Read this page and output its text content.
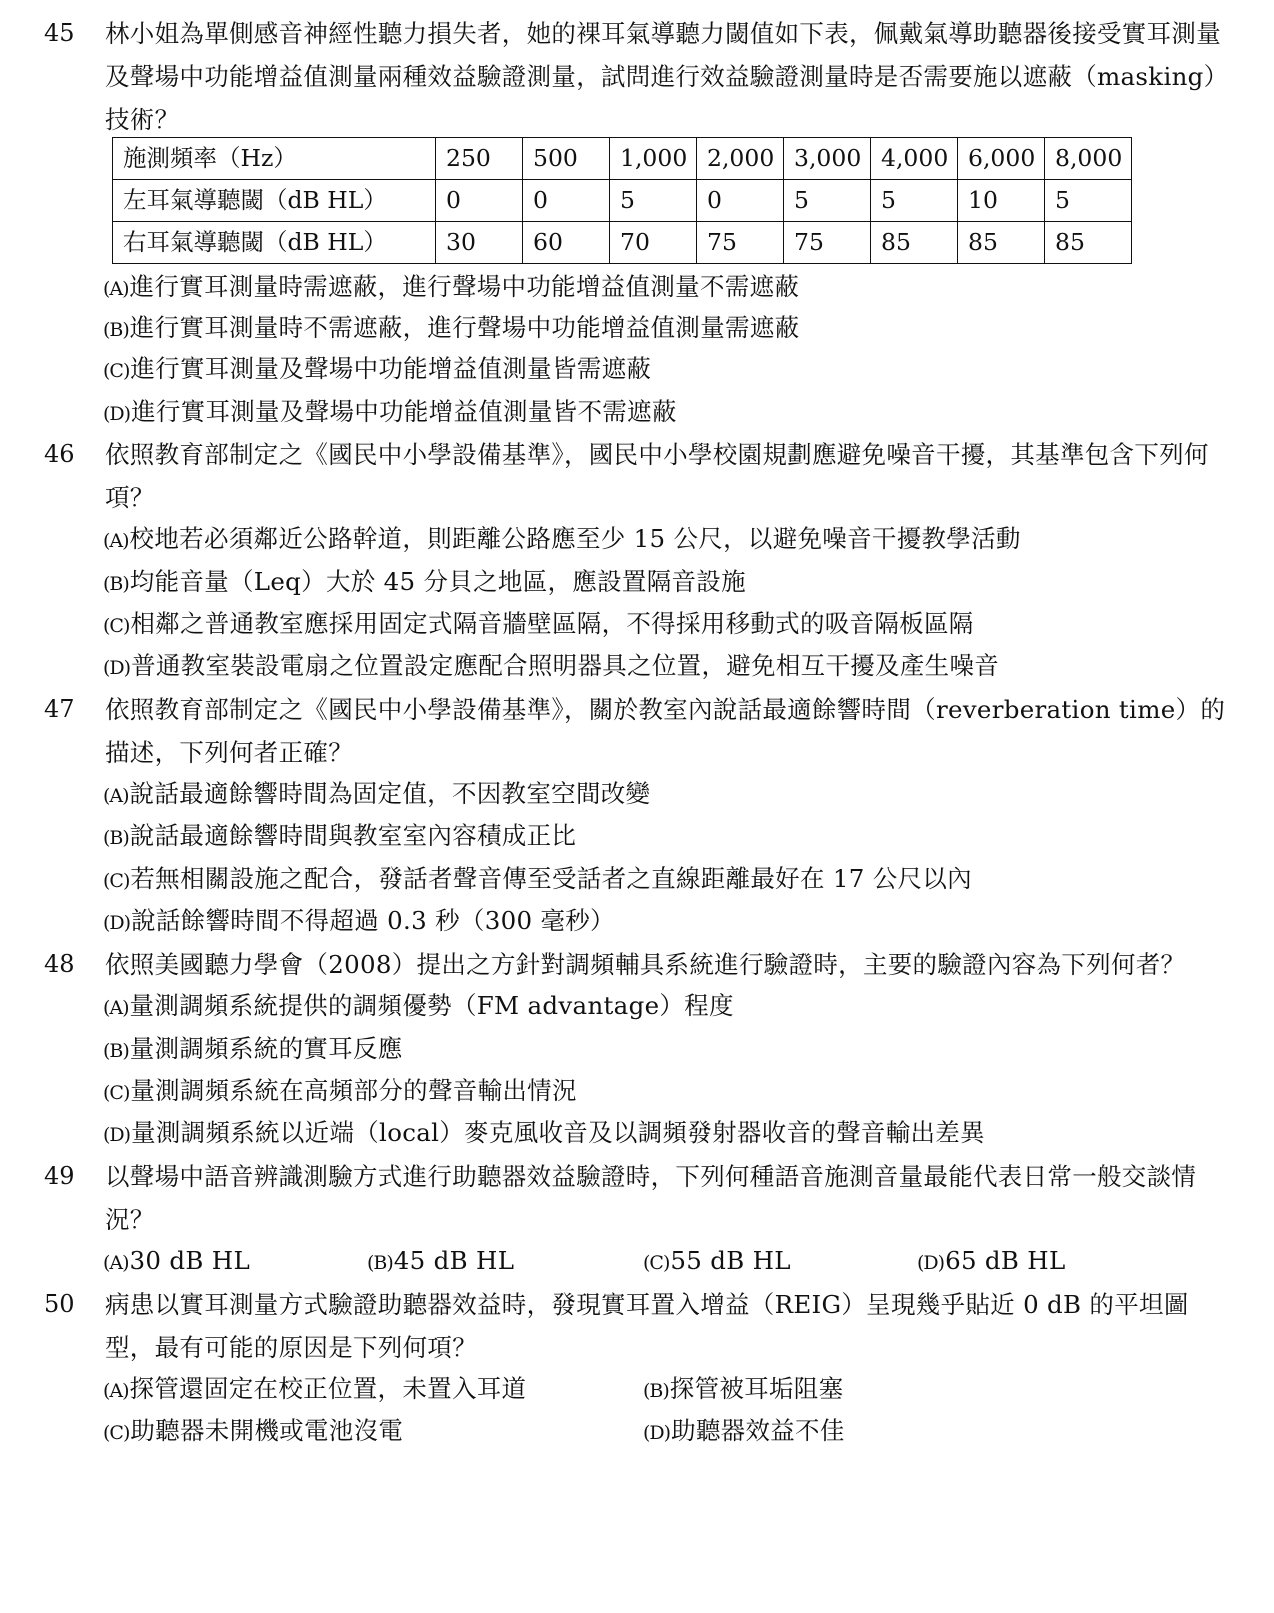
45 林小姐為單側感音神經性聽力損失者，她的裸耳氣導聽力閾值如下表，佩戴氣導助聽器後接受實耳測量及聲場中功能增益值測量兩種效益驗證測量，試問進行效益驗證測量時是否需要施以遮蔽（masking）技術？
施測頻率（Hz）	250	500	1,000	2,000	3,000	4,000	6,000	8,000
左耳氣導聽閾（dB HL）	0	0	5	0	5	5	10	5
右耳氣導聽閾（dB HL）	30	60	70	75	75	85	85	85
(A)進行實耳測量時需遮蔽，進行聲場中功能增益值測量不需遮蔽
(B)進行實耳測量時不需遮蔽，進行聲場中功能增益值測量需遮蔽
(C)進行實耳測量及聲場中功能增益值測量皆需遮蔽
(D)進行實耳測量及聲場中功能增益值測量皆不需遮蔽
46 依照教育部制定之《國民中小學設備基準》，國民中小學校園規劃應避免噪音干擾，其基準包含下列何項？
(A)校地若必須鄰近公路幹道，則距離公路應至少 15 公尺，以避免噪音干擾教學活動
(B)均能音量（Leq）大於 45 分貝之地區，應設置隔音設施
(C)相鄰之普通教室應採用固定式隔音牆壁區隔，不得採用移動式的吸音隔板區隔
(D)普通教室裝設電扇之位置設定應配合照明器具之位置，避免相互干擾及產生噪音
47 依照教育部制定之《國民中小學設備基準》，關於教室內說話最適餘響時間（reverberation time）的描述，下列何者正確？
(A)說話最適餘響時間為固定值，不因教室空間改變
(B)說話最適餘響時間與教室室內容積成正比
(C)若無相關設施之配合，發話者聲音傳至受話者之直線距離最好在 17 公尺以內
(D)說話餘響時間不得超過 0.3 秒（300 毫秒）
48 依照美國聽力學會（2008）提出之方針對調頻輔具系統進行驗證時，主要的驗證內容為下列何者？
(A)量測調頻系統提供的調頻優勢（FM advantage）程度
(B)量測調頻系統的實耳反應
(C)量測調頻系統在高頻部分的聲音輸出情況
(D)量測調頻系統以近端（local）麥克風收音及以調頻發射器收音的聲音輸出差異
49 以聲場中語音辨識測驗方式進行助聽器效益驗證時，下列何種語音施測音量最能代表日常一般交談情況？
(A)30 dB HL	(B)45 dB HL	(C)55 dB HL	(D)65 dB HL
50 病患以實耳測量方式驗證助聽器效益時，發現實耳置入增益（REIG）呈現幾乎貼近 0 dB 的平坦圖型，最有可能的原因是下列何項？
(A)探管還固定在校正位置，未置入耳道	(B)探管被耳垢阻塞
(C)助聽器未開機或電池沒電	(D)助聽器效益不佳
